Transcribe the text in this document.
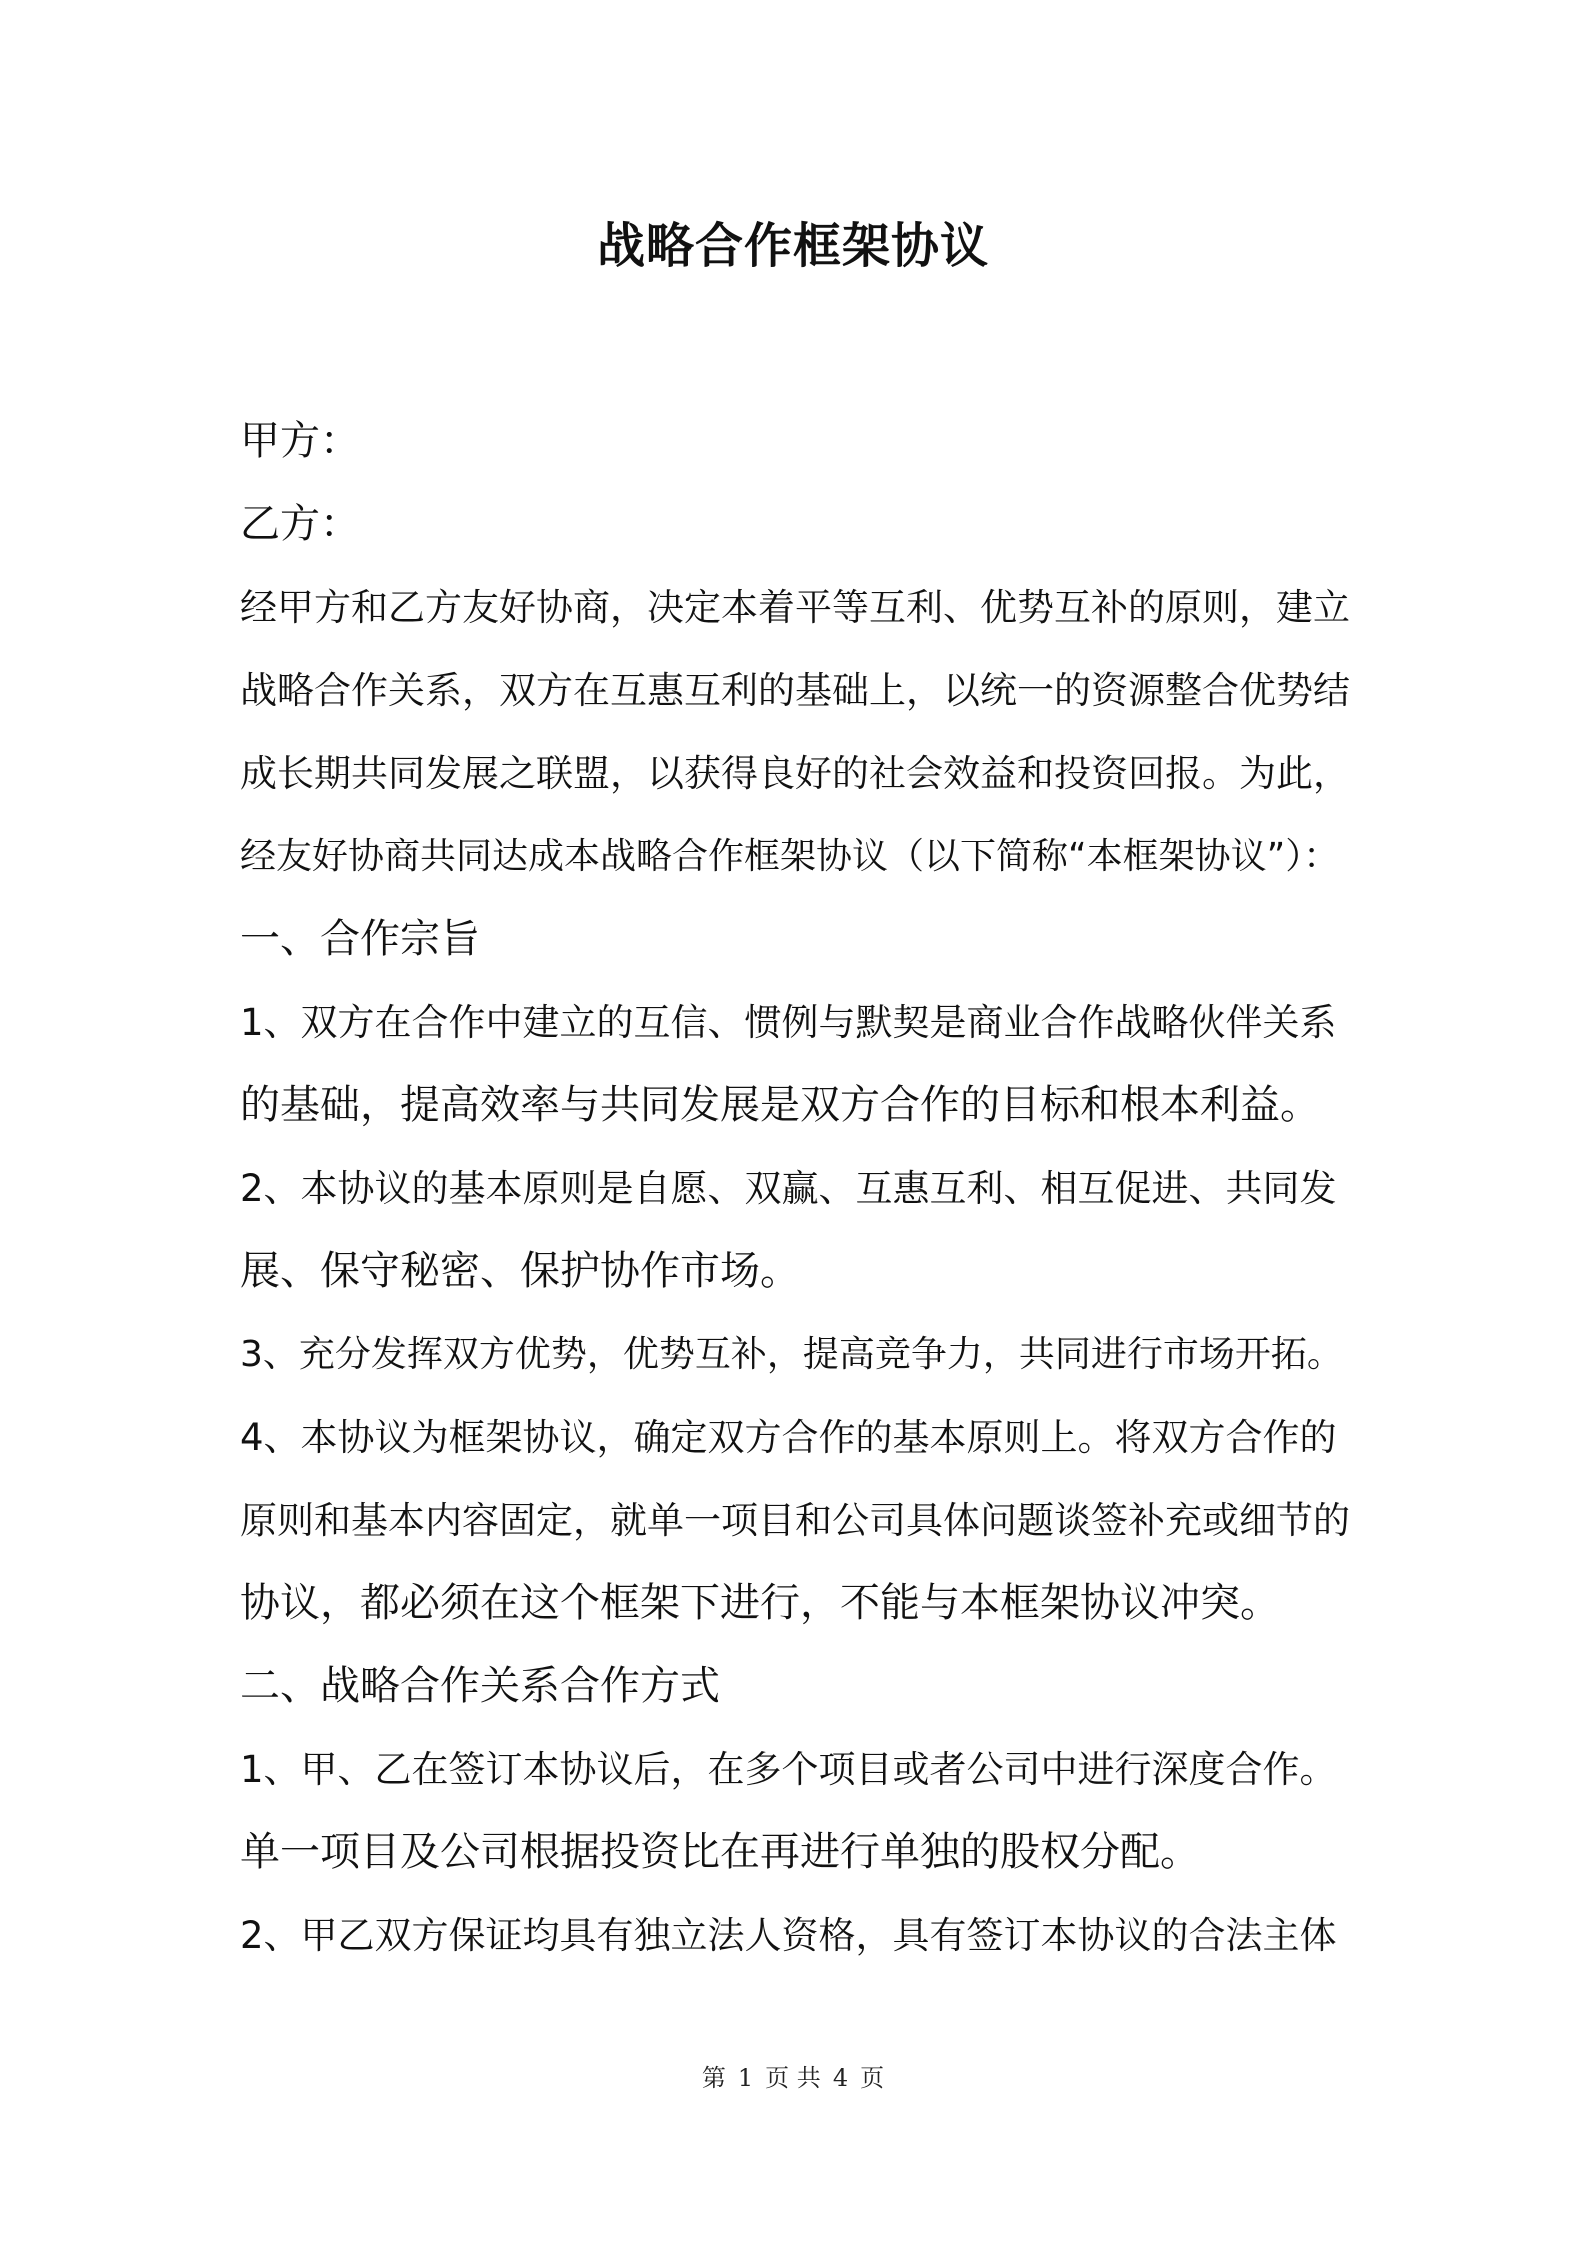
战略合作框架协议
甲方：
乙方：
经甲方和乙方友好协商，决定本着平等互利、优势互补的原则，建立
战略合作关系，双方在互惠互利的基础上，以统一的资源整合优势结
成长期共同发展之联盟，以获得良好的社会效益和投资回报。为此，
经友好协商共同达成本战略合作框架协议（以下简称“本框架协议”）：
一、合作宗旨
1、双方在合作中建立的互信、惯例与默契是商业合作战略伙伴关系
的基础，提高效率与共同发展是双方合作的目标和根本利益。
2、本协议的基本原则是自愿、双赢、互惠互利、相互促进、共同发
展、保守秘密、保护协作市场。
3、充分发挥双方优势，优势互补，提高竞争力，共同进行市场开拓。
4、本协议为框架协议，确定双方合作的基本原则上。将双方合作的
原则和基本内容固定，就单一项目和公司具体问题谈签补充或细节的
协议，都必须在这个框架下进行，不能与本框架协议冲突。
二、战略合作关系合作方式
1、甲、乙在签订本协议后，在多个项目或者公司中进行深度合作。
单一项目及公司根据投资比在再进行单独的股权分配。
2、甲乙双方保证均具有独立法人资格，具有签订本协议的合法主体
第 1 页 共 4 页
